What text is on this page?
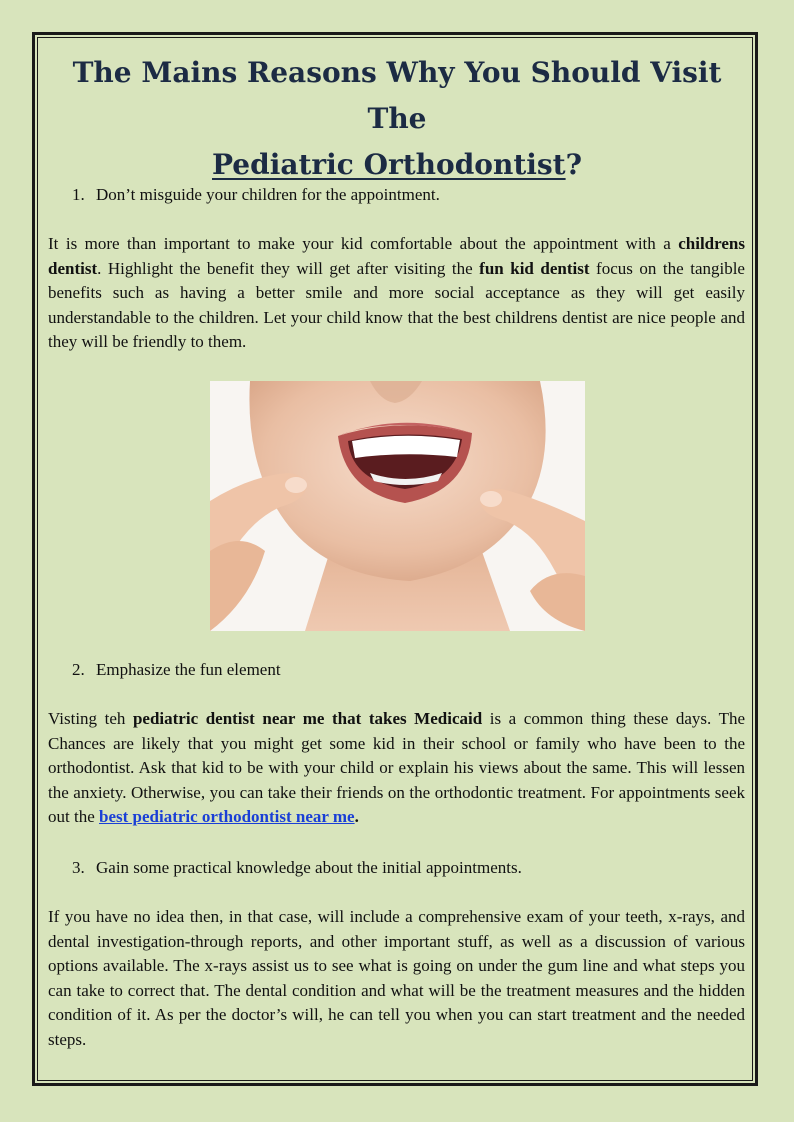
The Mains Reasons Why You Should Visit The
Pediatric Orthodontist?
1. Don’t misguide your children for the appointment.

It is more than important to make your kid comfortable about the appointment with a childrens dentist. Highlight the benefit they will get after visiting the fun kid dentist focus on the tangible benefits such as having a better smile and more social acceptance as they will get easily understandable to the children. Let your child know that the best childrens dentist are nice people and they will be friendly to them.

2. Emphasize the fun element

Visting teh pediatric dentist near me that takes Medicaid is a common thing these days. The Chances are likely that you might get some kid in their school or family who have been to the orthodontist. Ask that kid to be with your child or explain his views about the same. This will lessen the anxiety. Otherwise, you can take their friends on the orthodontic treatment. For appointments seek out the best pediatric orthodontist near me.

3. Gain some practical knowledge about the initial appointments.

If you have no idea then, in that case, will include a comprehensive exam of your teeth, x-rays, and dental investigation-through reports, and other important stuff, as well as a discussion of various options available. The x-rays assist us to see what is going on under the gum line and what steps you can take to correct that. The dental condition and what will be the treatment measures and the hidden condition of it. As per the doctor’s will, he can tell you when you can start treatment and the needed steps.
